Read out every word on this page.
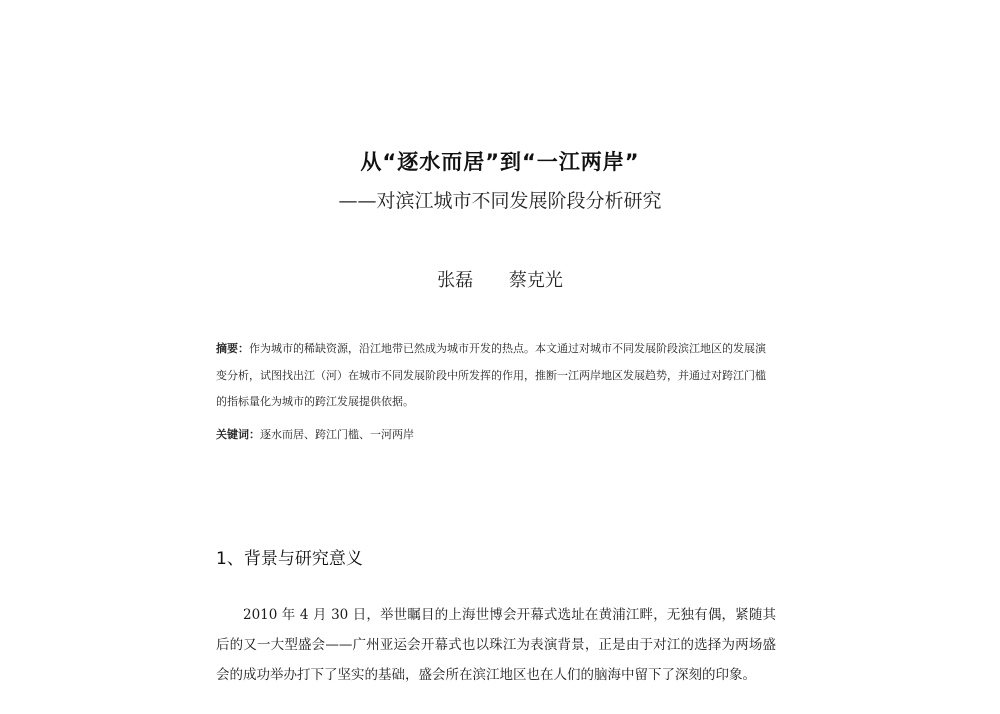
从“逐水而居”到“一江两岸”
——对滨江城市不同发展阶段分析研究
张磊 蔡克光
摘要：作为城市的稀缺资源，沿江地带已然成为城市开发的热点。本文通过对城市不同发展阶段滨江地区的发展演变分析，试图找出江（河）在城市不同发展阶段中所发挥的作用，推断一江两岸地区发展趋势，并通过对跨江门槛的指标量化为城市的跨江发展提供依据。
关键词：逐水而居、跨江门槛、一河两岸
1、背景与研究意义
2010 年 4 月 30 日，举世瞩目的上海世博会开幕式选址在黄浦江畔，无独有偶，紧随其后的又一大型盛会——广州亚运会开幕式也以珠江为表演背景，正是由于对江的选择为两场盛会的成功举办打下了坚实的基础，盛会所在滨江地区也在人们的脑海中留下了深刻的印象。
